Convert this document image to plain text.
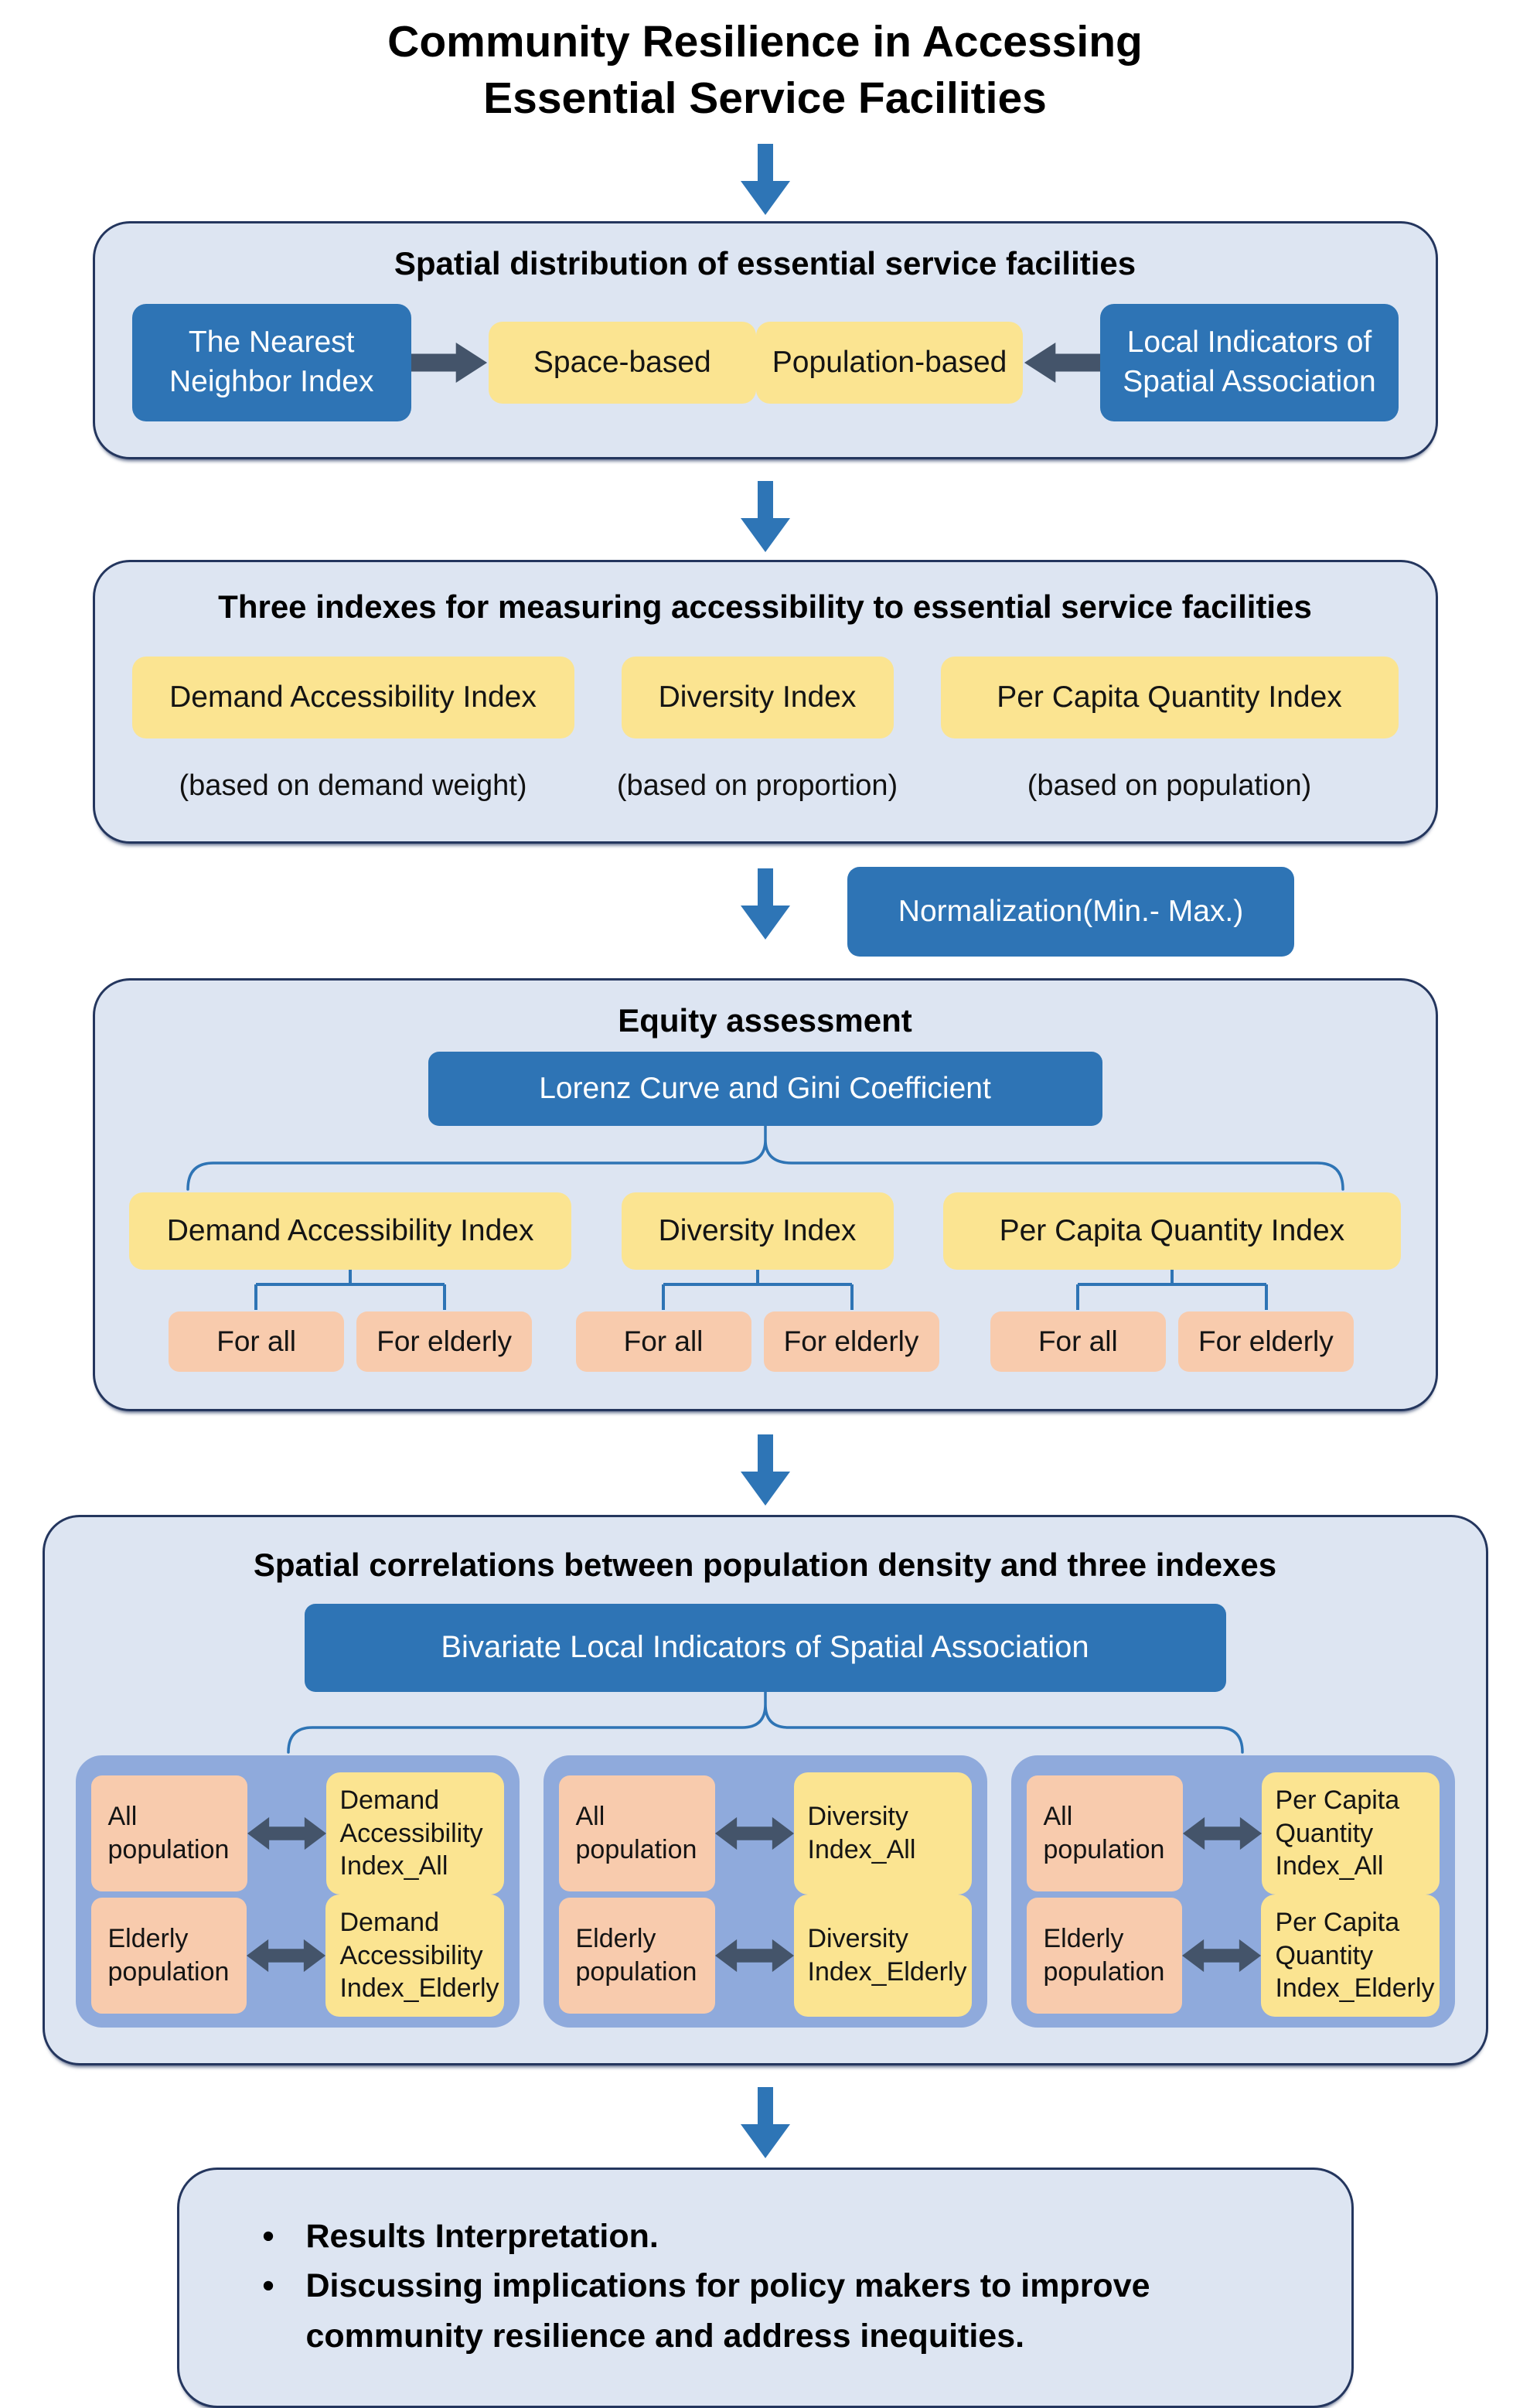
Community Resilience in Accessing
Essential Service Facilities
Spatial distribution of essential service facilities
The Nearest Neighbor Index
Space-based	Population-based
Local Indicators of Spatial Association
Three indexes for measuring accessibility to essential service facilities
Demand Accessibility Index
(based on demand weight)
Diversity Index
(based on proportion)
Per Capita Quantity Index
(based on population)
Normalization(Min.- Max.)
Equity assessment
Lorenz Curve and Gini Coefficient
Demand Accessibility Index
For all	For elderly
Diversity Index
For all	For elderly
Per Capita Quantity Index
For all	For elderly
Spatial correlations between population density and three indexes
Bivariate Local Indicators of Spatial Association
All population
Demand Accessibility Index_All
Elderly population
Demand Accessibility Index_Elderly
All population
Diversity Index_All
Elderly population
Diversity Index_Elderly
All population
Per Capita Quantity Index_All
Elderly population
Per Capita Quantity Index_Elderly
• Results Interpretation.
• Discussing implications for policy makers to improve community resilience and address inequities.
